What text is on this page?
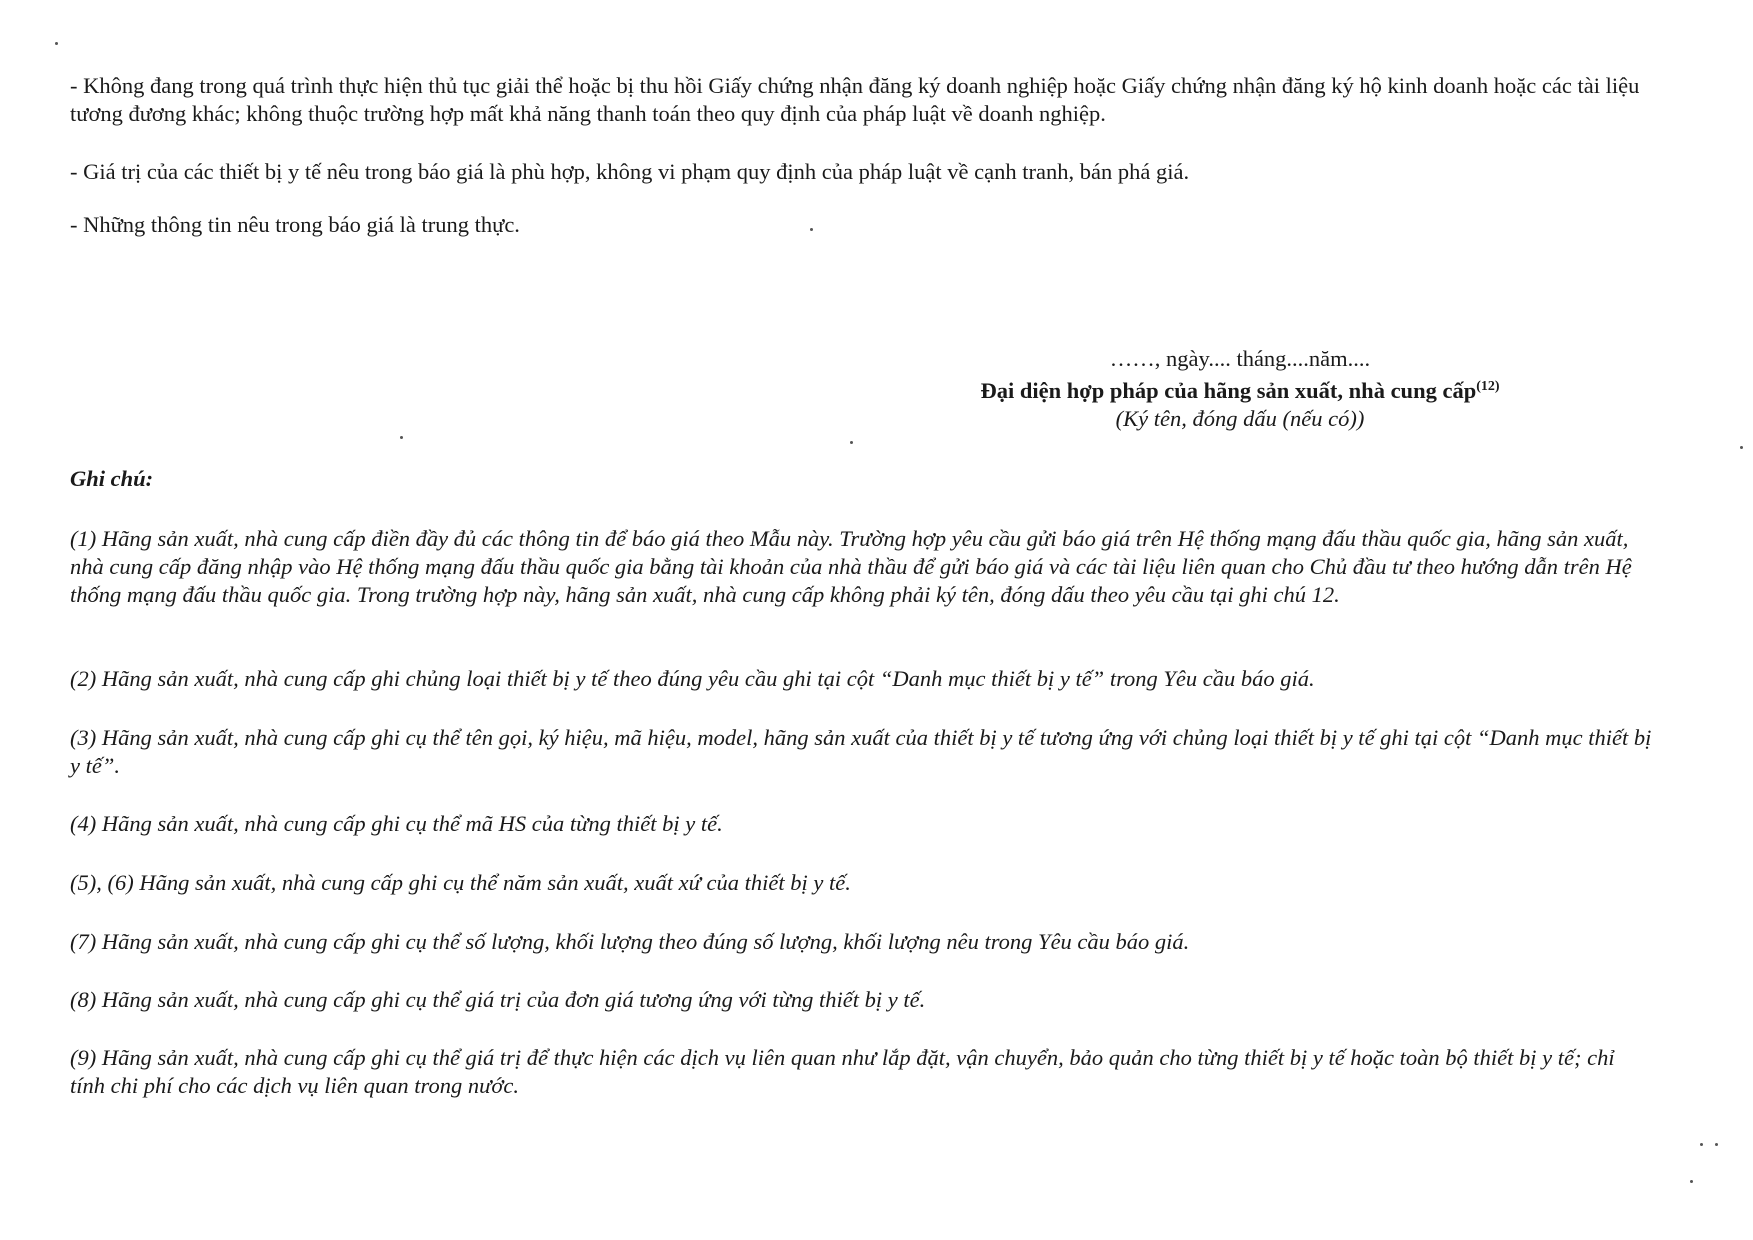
- Không đang trong quá trình thực hiện thủ tục giải thể hoặc bị thu hồi Giấy chứng nhận đăng ký doanh nghiệp hoặc Giấy chứng nhận đăng ký hộ kinh doanh hoặc các tài liệu tương đương khác; không thuộc trường hợp mất khả năng thanh toán theo quy định của pháp luật về doanh nghiệp.

- Giá trị của các thiết bị y tế nêu trong báo giá là phù hợp, không vi phạm quy định của pháp luật về cạnh tranh, bán phá giá.

- Những thông tin nêu trong báo giá là trung thực.

……, ngày.... tháng....năm....

Đại diện hợp pháp của hãng sản xuất, nhà cung cấp$^{(12)}$

(Ký tên, đóng dấu (nếu có))

Ghi chú:

(1) Hãng sản xuất, nhà cung cấp điền đầy đủ các thông tin để báo giá theo Mẫu này. Trường hợp yêu cầu gửi báo giá trên Hệ thống mạng đấu thầu quốc gia, hãng sản xuất, nhà cung cấp đăng nhập vào Hệ thống mạng đấu thầu quốc gia bằng tài khoản của nhà thầu để gửi báo giá và các tài liệu liên quan cho Chủ đầu tư theo hướng dẫn trên Hệ thống mạng đấu thầu quốc gia. Trong trường hợp này, hãng sản xuất, nhà cung cấp không phải ký tên, đóng dấu theo yêu cầu tại ghi chú 12.

(2) Hãng sản xuất, nhà cung cấp ghi chủng loại thiết bị y tế theo đúng yêu cầu ghi tại cột “Danh mục thiết bị y tế” trong Yêu cầu báo giá.

(3) Hãng sản xuất, nhà cung cấp ghi cụ thể tên gọi, ký hiệu, mã hiệu, model, hãng sản xuất của thiết bị y tế tương ứng với chủng loại thiết bị y tế ghi tại cột “Danh mục thiết bị y tế”.

(4) Hãng sản xuất, nhà cung cấp ghi cụ thể mã HS của từng thiết bị y tế.

(5), (6) Hãng sản xuất, nhà cung cấp ghi cụ thể năm sản xuất, xuất xứ của thiết bị y tế.

(7) Hãng sản xuất, nhà cung cấp ghi cụ thể số lượng, khối lượng theo đúng số lượng, khối lượng nêu trong Yêu cầu báo giá.

(8) Hãng sản xuất, nhà cung cấp ghi cụ thể giá trị của đơn giá tương ứng với từng thiết bị y tế.

(9) Hãng sản xuất, nhà cung cấp ghi cụ thể giá trị để thực hiện các dịch vụ liên quan như lắp đặt, vận chuyển, bảo quản cho từng thiết bị y tế hoặc toàn bộ thiết bị y tế; chỉ tính chi phí cho các dịch vụ liên quan trong nước.
